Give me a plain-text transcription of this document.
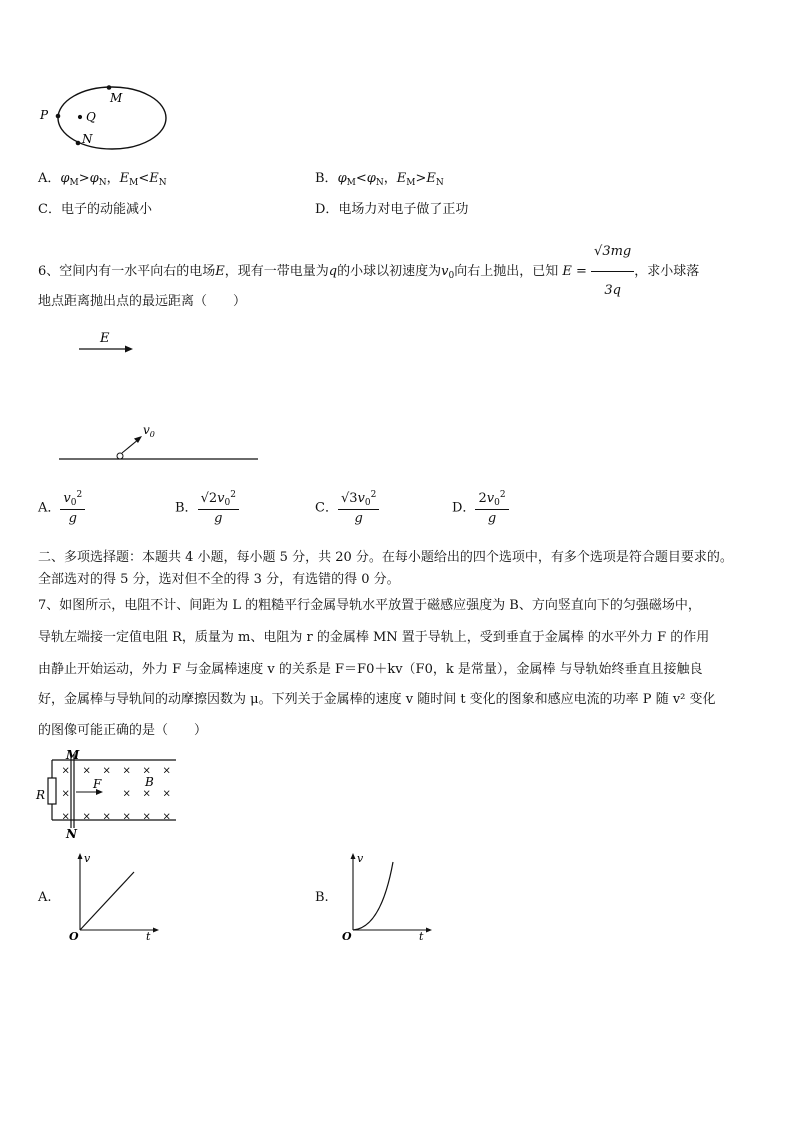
M
P	Q
N
A．$\varphi_M>\varphi_N$，$E_M<E_N$	B．$\varphi_M<\varphi_N$，$E_M>E_N$
C．电子的动能减小	D．电场力对电子做了正功
6、空间内有一水平向右的电场E，现有一带电量为q的小球以初速度为$v_0$向右上抛出，已知 $E = \frac{√3mg}{3q}$ ，求小球落
地点距离抛出点的最远距离（　　）
E
$v_0$
A． $\frac{v_0^2}{g}$	B． $\frac{√2v_0^2}{g}$	C． $\frac{√3v_0^2}{g}$	D． $\frac{2v_0^2}{g}$
二、多项选择题：本题共 4 小题，每小题 5 分，共 20 分。在每小题给出的四个选项中，有多个选项是符合题目要求的。
全部选对的得 5 分，选对但不全的得 3 分，有选错的得 0 分。
7、如图所示，电阻不计、间距为 L 的粗糙平行金属导轨水平放置于磁感应强度为 B、方向竖直向下的匀强磁场中，
导轨左端接一定值电阻 R，质量为 m、电阻为 r 的金属棒 MN 置于导轨上，受到垂直于金属棒 的水平外力 F 的作用
由静止开始运动，外力 F 与金属棒速度 v 的关系是 F＝F0＋kv（F0，k 是常量），金属棒 与导轨始终垂直且接触良
好，金属棒与导轨间的动摩擦因数为 μ。下列关于金属棒的速度 v 随时间 t 变化的图象和感应电流的功率 P 随 v² 变化
的图像可能正确的是（　　）
M
N
R
B
F
× × × × × ×
×	× × ×
× × × × × ×
A.
v
t
O
B.
v
t
O
